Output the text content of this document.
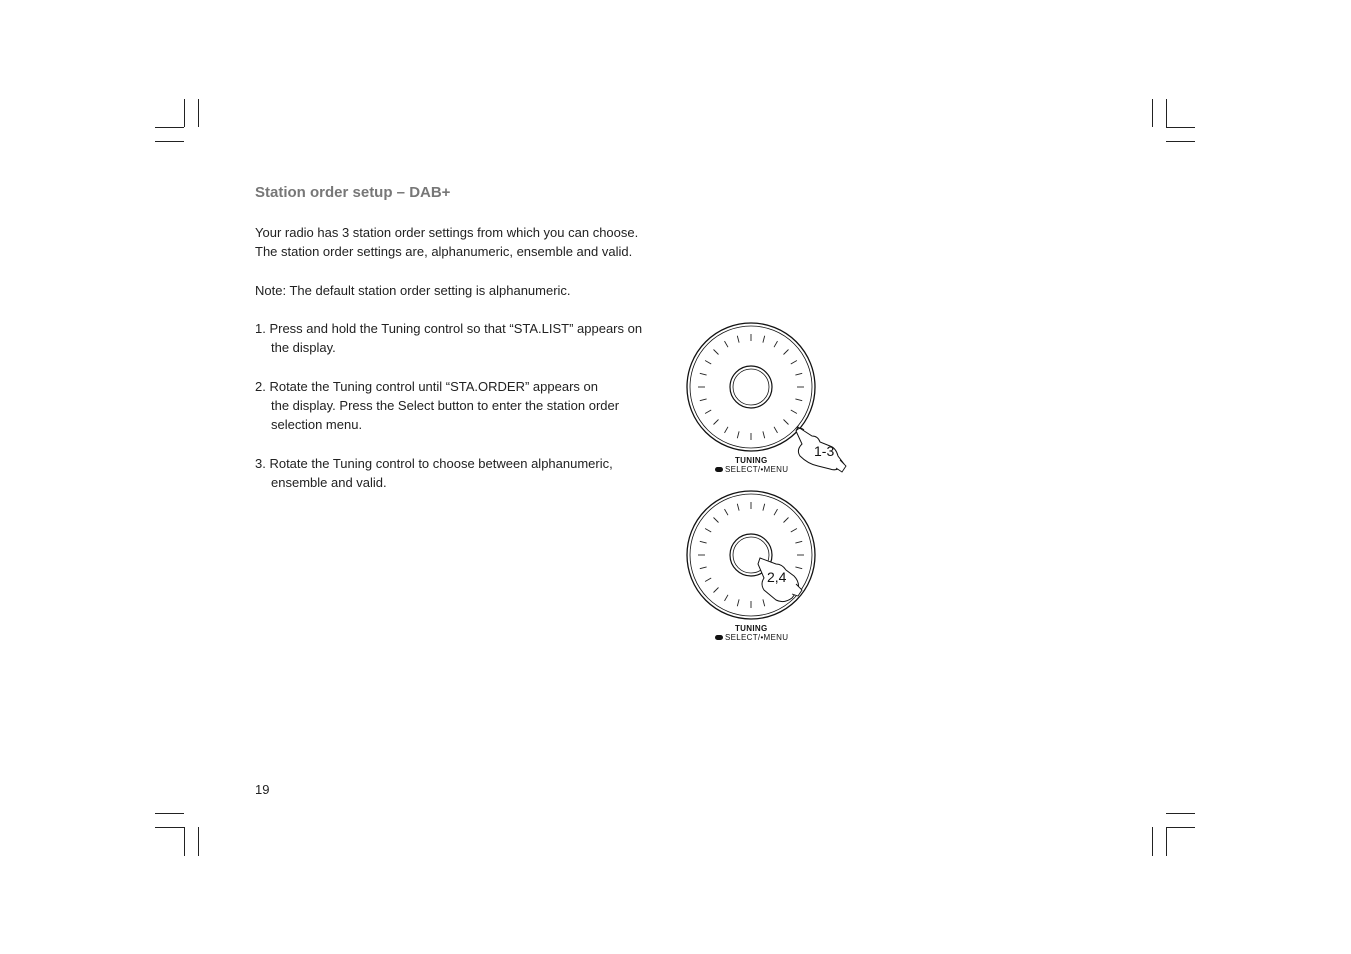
Station order setup – DAB+
Your radio has 3 station order settings from which you can choose.
The station order settings are, alphanumeric, ensemble and valid.
Note: The default station order setting is alphanumeric.
1. Press and hold the Tuning control so that “STA.LIST” appears on
the display.
2. Rotate the Tuning control until “STA.ORDER” appears on
the display. Press the Select button to enter the station order
selection menu.
3. Rotate the Tuning control to choose between alphanumeric,
ensemble and valid.
1-3
TUNING
SELECT/•MENU
2,4
TUNING
SELECT/•MENU
19
